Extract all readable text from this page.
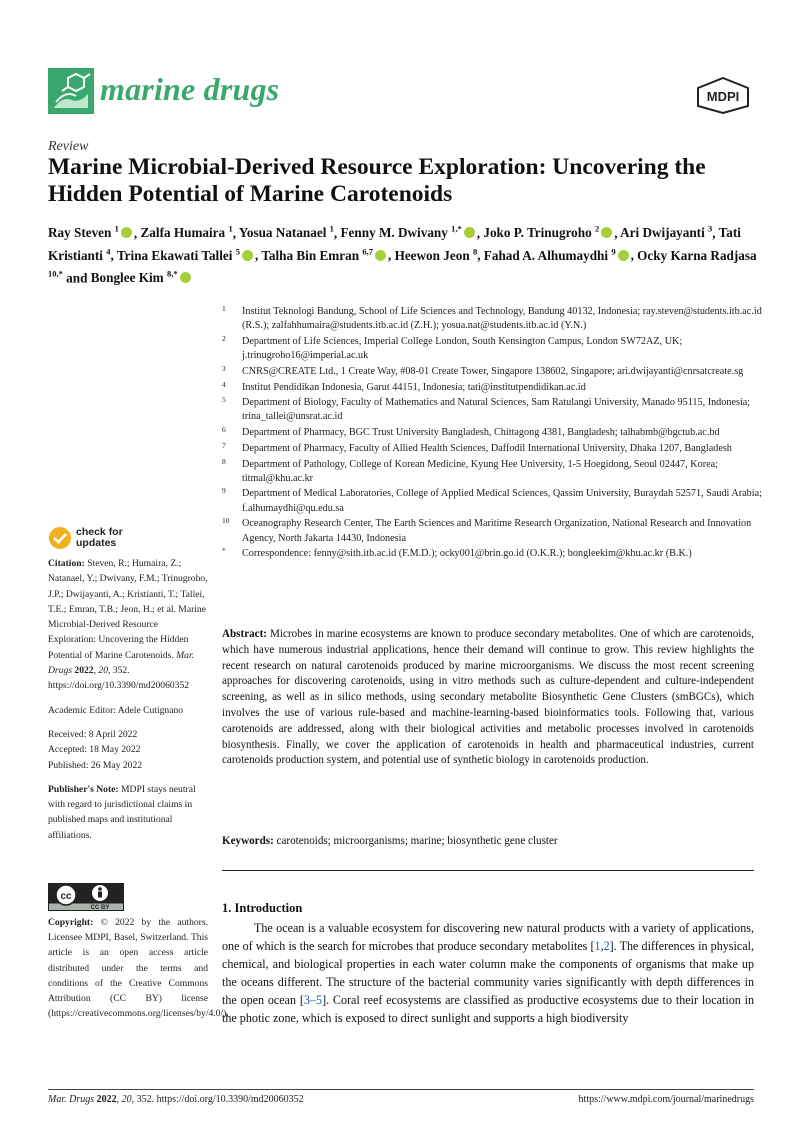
marine drugs	MDPI
Review
Marine Microbial-Derived Resource Exploration: Uncovering the Hidden Potential of Marine Carotenoids
Ray Steven $^1$ , Zalfa Humaira $^1$, Yosua Natanael $^1$, Fenny M. Dwivany $^{1,*}$ , Joko P. Trinugroho $^2$ , Ari Dwijayanti $^3$, Tati Kristianti $^4$, Trina Ekawati Tallei $^5$ , Talha Bin Emran $^{6,7}$ , Heewon Jeon $^8$, Fahad A. Alhumaydhi $^9$ , Ocky Karna Radjasa $^{10,*}$ and Bonglee Kim $^{8,*}$
1 Institut Teknologi Bandung, School of Life Sciences and Technology, Bandung 40132, Indonesia; ray.steven@students.itb.ac.id (R.S.); zalfahhumaira@students.itb.ac.id (Z.H.); yosua.nat@students.itb.ac.id (Y.N.)
2 Department of Life Sciences, Imperial College London, South Kensington Campus, London SW72AZ, UK; j.trinugroho16@imperial.ac.uk
3 CNRS@CREATE Ltd., 1 Create Way, #08-01 Create Tower, Singapore 138602, Singapore; ari.dwijayanti@cnrsatcreate.sg
4 Institut Pendidikan Indonesia, Garut 44151, Indonesia; tati@institutpendidikan.ac.id
5 Department of Biology, Faculty of Mathematics and Natural Sciences, Sam Ratulangi University, Manado 95115, Indonesia; trina_tallei@unsrat.ac.id
6 Department of Pharmacy, BGC Trust University Bangladesh, Chittagong 4381, Bangladesh; talhabmb@bgctub.ac.bd
7 Department of Pharmacy, Faculty of Allied Health Sciences, Daffodil International University, Dhaka 1207, Bangladesh
8 Department of Pathology, College of Korean Medicine, Kyung Hee University, 1-5 Hoegidong, Seoul 02447, Korea; titmal@khu.ac.kr
9 Department of Medical Laboratories, College of Applied Medical Sciences, Qassim University, Buraydah 52571, Saudi Arabia; f.alhumaydhi@qu.edu.sa
10 Oceanography Research Center, The Earth Sciences and Maritime Research Organization, National Research and Innovation Agency, North Jakarta 14430, Indonesia
* Correspondence: fenny@sith.itb.ac.id (F.M.D.); ocky001@brin.go.id (O.K.R.); bongleekim@khu.ac.kr (B.K.)
check for updates

Citation: Steven, R.; Humaira, Z.; Natanael, Y.; Dwivany, F.M.; Trinugroho, J.P.; Dwijayanti, A.; Kristianti, T.; Tallei, T.E.; Emran, T.B.; Jeon, H.; et al. Marine Microbial-Derived Resource Exploration: Uncovering the Hidden Potential of Marine Carotenoids. Mar. Drugs 2022, 20, 352. https://doi.org/10.3390/md20060352

Academic Editor: Adele Cutignano

Received: 8 April 2022

Accepted: 18 May 2022

Published: 26 May 2022

Publisher's Note: MDPI stays neutral with regard to jurisdictional claims in published maps and institutional affiliations.

cc
CC BY
Copyright: © 2022 by the authors. Licensee MDPI, Basel, Switzerland. This article is an open access article distributed under the terms and conditions of the Creative Commons Attribution (CC BY) license (https://creativecommons.org/licenses/by/4.0/).
Abstract: Microbes in marine ecosystems are known to produce secondary metabolites. One of which are carotenoids, which have numerous industrial applications, hence their demand will continue to grow. This review highlights the recent research on natural carotenoids produced by marine microorganisms. We discuss the most recent screening approaches for discovering carotenoids, using in vitro methods such as culture-dependent and culture-independent screening, as well as in silico methods, using secondary metabolite Biosynthetic Gene Clusters (smBGCs), which involves the use of various rule-based and machine-learning-based bioinformatics tools. Following that, various carotenoids are addressed, along with their biological activities and metabolic processes involved in carotenoids biosynthesis. Finally, we cover the application of carotenoids in health and pharmaceutical industries, current carotenoids production system, and potential use of synthetic biology in carotenoids production.
Keywords: carotenoids; microorganisms; marine; biosynthetic gene cluster
1. Introduction
The ocean is a valuable ecosystem for discovering new natural products with a variety of applications, one of which is the search for microbes that produce secondary metabolites [1,2]. The differences in physical, chemical, and biological properties in each water column make the components of organisms that make up the oceans different. The structure of the bacterial community varies significantly with depth differences in the open ocean [3–5]. Coral reef ecosystems are classified as productive ecosystems due to their location in the photic zone, which is exposed to direct sunlight and supports a high biodiversity
Mar. Drugs 2022, 20, 352. https://doi.org/10.3390/md20060352	https://www.mdpi.com/journal/marinedrugs
